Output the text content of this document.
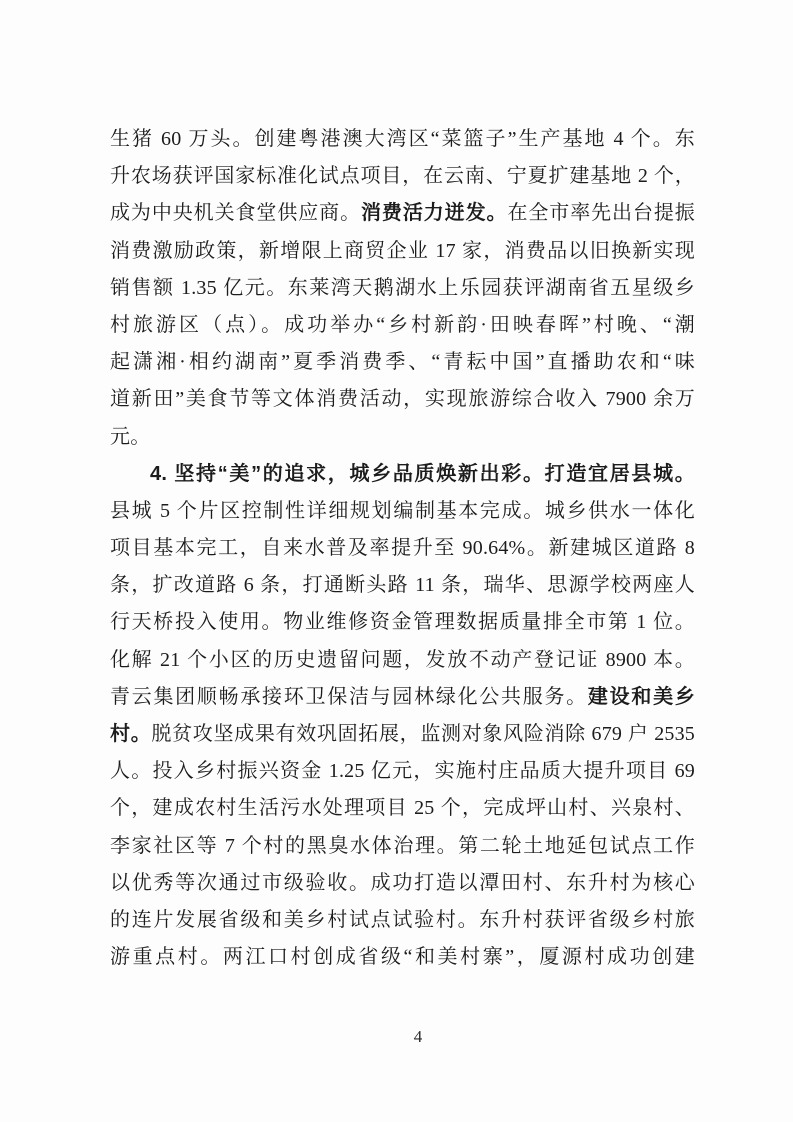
生猪 60 万头。创建粤港澳大湾区“菜篮子”生产基地 4 个。东
升农场获评国家标准化试点项目，在云南、宁夏扩建基地 2 个，
成为中央机关食堂供应商。消费活力迸发。在全市率先出台提振
消费激励政策，新增限上商贸企业 17 家，消费品以旧换新实现
销售额 1.35 亿元。东莱湾天鹅湖水上乐园获评湖南省五星级乡
村旅游区（点）。成功举办“乡村新韵·田映春晖”村晚、“潮
起潇湘·相约湖南”夏季消费季、“青耘中国”直播助农和“味
道新田”美食节等文体消费活动，实现旅游综合收入 7900 余万
元。
4. 坚持“美”的追求，城乡品质焕新出彩。打造宜居县城。
县城 5 个片区控制性详细规划编制基本完成。城乡供水一体化
项目基本完工，自来水普及率提升至 90.64%。新建城区道路 8
条，扩改道路 6 条，打通断头路 11 条，瑞华、思源学校两座人
行天桥投入使用。物业维修资金管理数据质量排全市第 1 位。
化解 21 个小区的历史遗留问题，发放不动产登记证 8900 本。
青云集团顺畅承接环卫保洁与园林绿化公共服务。建设和美乡
村。脱贫攻坚成果有效巩固拓展，监测对象风险消除 679 户 2535
人。投入乡村振兴资金 1.25 亿元，实施村庄品质大提升项目 69
个，建成农村生活污水处理项目 25 个，完成坪山村、兴泉村、
李家社区等 7 个村的黑臭水体治理。第二轮土地延包试点工作
以优秀等次通过市级验收。成功打造以潭田村、东升村为核心
的连片发展省级和美乡村试点试验村。东升村获评省级乡村旅
游重点村。两江口村创成省级“和美村寨”，厦源村成功创建
4
